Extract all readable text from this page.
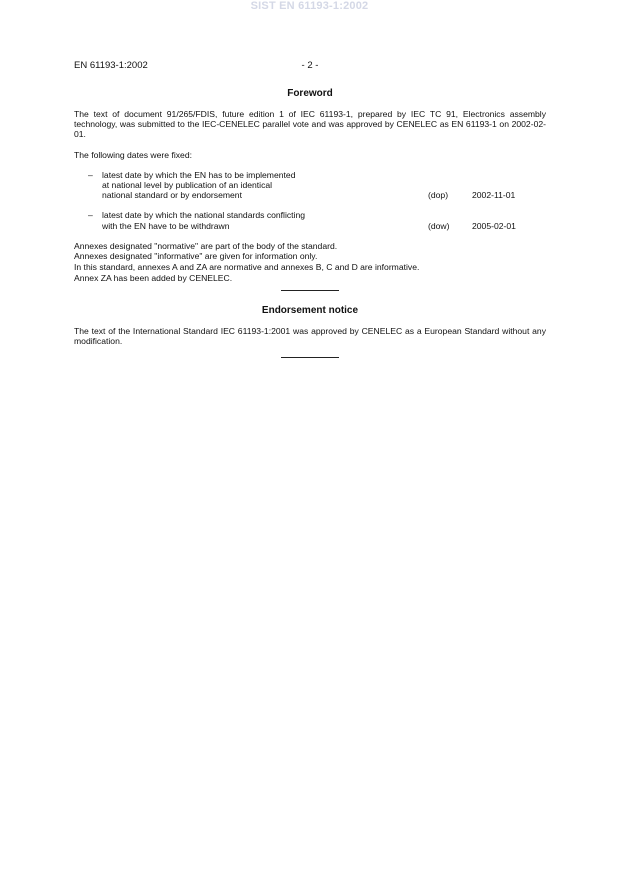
SIST EN 61193-1:2002
EN 61193-1:2002	- 2 -
Foreword

The text of document 91/265/FDIS, future edition 1 of IEC 61193-1, prepared by IEC TC 91, Electronics assembly technology, was submitted to the IEC-CENELEC parallel vote and was approved by CENELEC as EN 61193-1 on 2002-02-01.

The following dates were fixed:

–	latest date by which the EN has to be implemented
at national level by publication of an identical
national standard or by endorsement	(dop)	2002-11-01
–	latest date by which the national standards conflicting
with the EN have to be withdrawn	(dow)	2005-02-01

Annexes designated "normative" are part of the body of the standard.

Annexes designated "informative" are given for information only.

In this standard, annexes A and ZA are normative and annexes B, C and D are informative.

Annex ZA has been added by CENELEC.

Endorsement notice

The text of the International Standard IEC 61193-1:2001 was approved by CENELEC as a European Standard without any modification.
